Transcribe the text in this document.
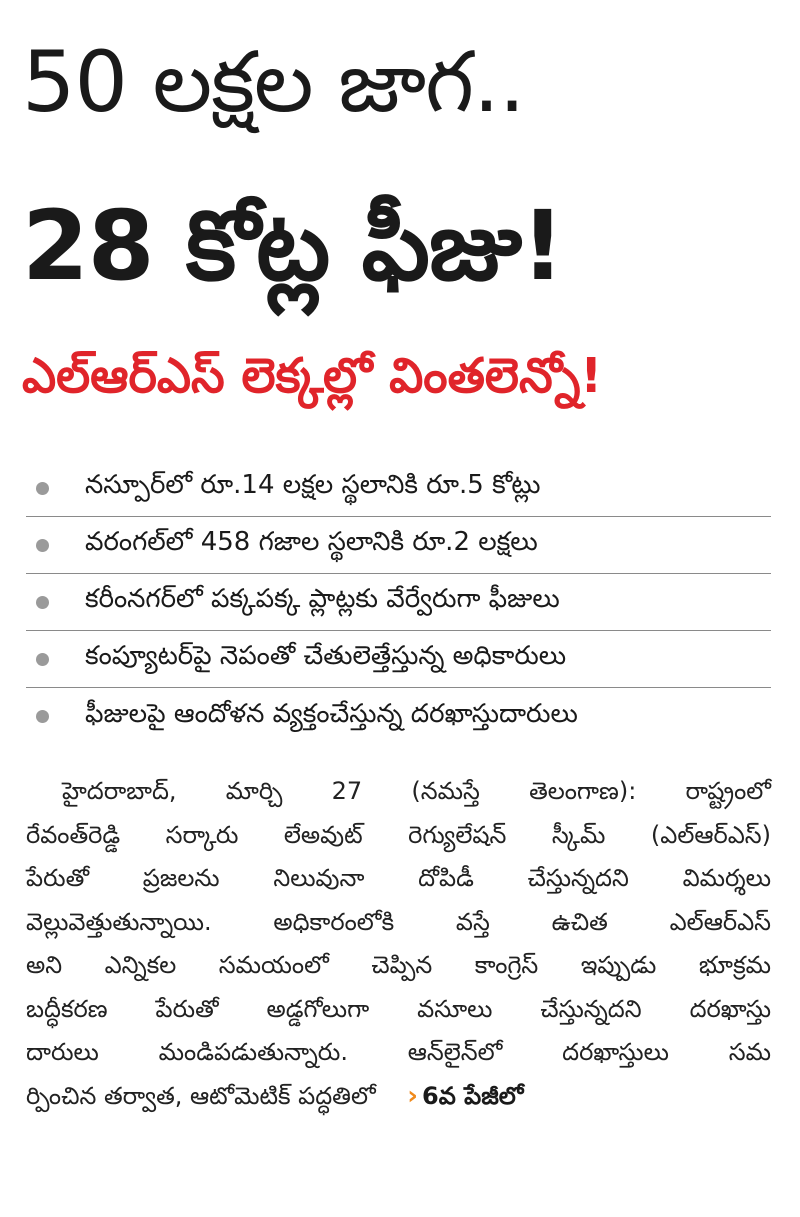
50 లక్షల జాగ..
28 కోట్ల ఫీజు!
ఎల్ఆర్ఎస్ లెక్కల్లో వింతలెన్నో!
నస్పూర్‌లో రూ.14 లక్షల స్థలానికి రూ.5 కోట్లు
వరంగల్‌లో 458 గజాల స్థలానికి రూ.2 లక్షలు
కరీంనగర్‌లో పక్కపక్క ప్లాట్లకు వేర్వేరుగా ఫీజులు
కంప్యూటర్‌పై నెపంతో చేతులెత్తేస్తున్న అధికారులు
ఫీజులపై ఆందోళన వ్యక్తంచేస్తున్న దరఖాస్తుదారులు
హైదరాబాద్, మార్చి 27 (నమస్తే తెలంగాణ): రాష్ట్రంలో
రేవంత్‌రెడ్డి సర్కారు లేఅవుట్ రెగ్యులేషన్ స్కీమ్ (ఎల్ఆర్ఎస్)
పేరుతో ప్రజలను నిలువునా దోపిడీ చేస్తున్నదని విమర్శలు
వెల్లువెత్తుతున్నాయి. అధికారంలోకి వస్తే ఉచిత ఎల్ఆర్ఎస్
అని ఎన్నికల సమయంలో చెప్పిన కాంగ్రెస్ ఇప్పుడు భూక్రమ
బద్ధీకరణ పేరుతో అడ్డగోలుగా వసూలు చేస్తున్నదని దరఖాస్తు
దారులు మండిపడుతున్నారు. ఆన్‌లైన్‌లో దరఖాస్తులు సమ
ర్పించిన తర్వాత, ఆటోమెటిక్ పద్ధతిలో › 6వ పేజీలో
